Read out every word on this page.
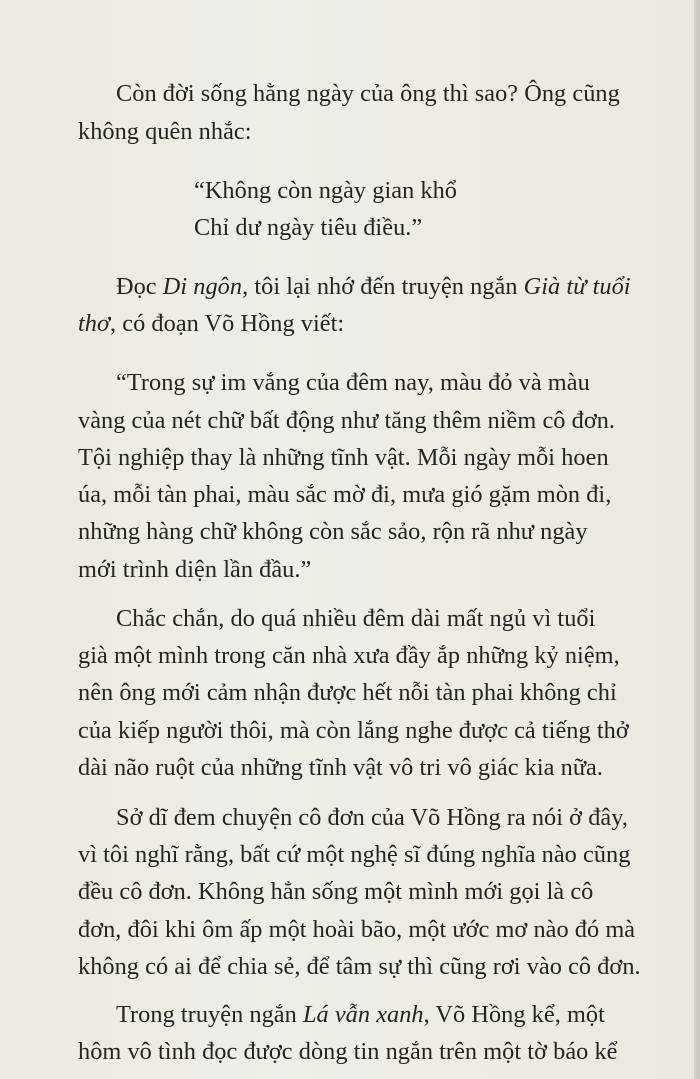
Còn đời sống hằng ngày của ông thì sao? Ông cũng
không quên nhắc:
“Không còn ngày gian khổ
Chỉ dư ngày tiêu điều.”
Đọc Di ngôn, tôi lại nhớ đến truyện ngắn Già từ tuổi
thơ, có đoạn Võ Hồng viết:
“Trong sự im vắng của đêm nay, màu đỏ và màu
vàng của nét chữ bất động như tăng thêm niềm cô đơn.
Tội nghiệp thay là những tĩnh vật. Mỗi ngày mỗi hoen
úa, mỗi tàn phai, màu sắc mờ đi, mưa gió gặm mòn đi,
những hàng chữ không còn sắc sảo, rộn rã như ngày
mới trình diện lần đầu.”
Chắc chắn, do quá nhiều đêm dài mất ngủ vì tuổi
già một mình trong căn nhà xưa đầy ắp những kỷ niệm,
nên ông mới cảm nhận được hết nỗi tàn phai không chỉ
của kiếp người thôi, mà còn lắng nghe được cả tiếng thở
dài não ruột của những tĩnh vật vô tri vô giác kia nữa.
Sở dĩ đem chuyện cô đơn của Võ Hồng ra nói ở đây,
vì tôi nghĩ rằng, bất cứ một nghệ sĩ đúng nghĩa nào cũng
đều cô đơn. Không hẳn sống một mình mới gọi là cô
đơn, đôi khi ôm ấp một hoài bão, một ước mơ nào đó mà
không có ai để chia sẻ, để tâm sự thì cũng rơi vào cô đơn.
Trong truyện ngắn Lá vẫn xanh, Võ Hồng kể, một
hôm vô tình đọc được dòng tin ngắn trên một tờ báo kể
